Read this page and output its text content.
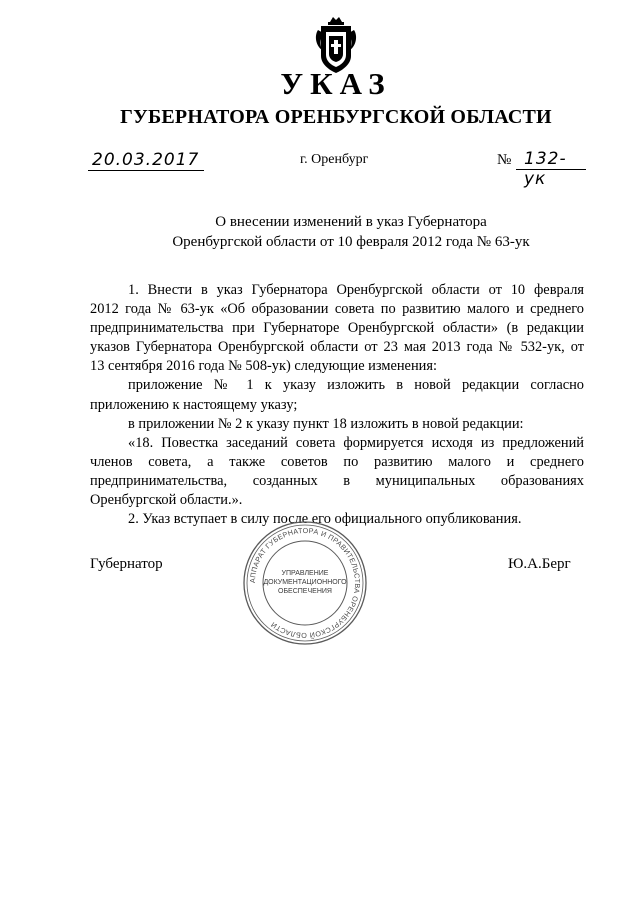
УКАЗ
ГУБЕРНАТОРА ОРЕНБУРГСКОЙ ОБЛАСТИ
20.03.2017	г. Оренбург	№ 132-ук
О внесении изменений в указ Губернатора
Оренбургской области от 10 февраля 2012 года № 63-ук

1. Внести в указ Губернатора Оренбургской области от 10 февраля

2012 года № 63-ук «Об образовании совета по развитию малого и среднего

предпринимательства при Губернаторе Оренбургской области» (в редакции

указов Губернатора Оренбургской области от 23 мая 2013 года № 532-ук, от

13 сентября 2016 года № 508-ук) следующие изменения:

приложение № 1 к указу изложить в новой редакции согласно

приложению к настоящему указу;

в приложении № 2 к указу пункт 18 изложить в новой редакции:

«18. Повестка заседаний совета формируется исходя из предложений

членов совета, а также советов по развитию малого и среднего

предпринимательства, созданных в муниципальных образованиях

Оренбургской области.».

2. Указ вступает в силу после его официального опубликования.

Губернатор	Ю.А.Берг
АППАРАТ ГУБЕРНАТОРА И ПРАВИТЕЛЬСТВА ОРЕНБУРГСКОЙ ОБЛАСТИ
УПРАВЛЕНИЕ
ДОКУМЕНТАЦИОННОГО
ОБЕСПЕЧЕНИЯ
